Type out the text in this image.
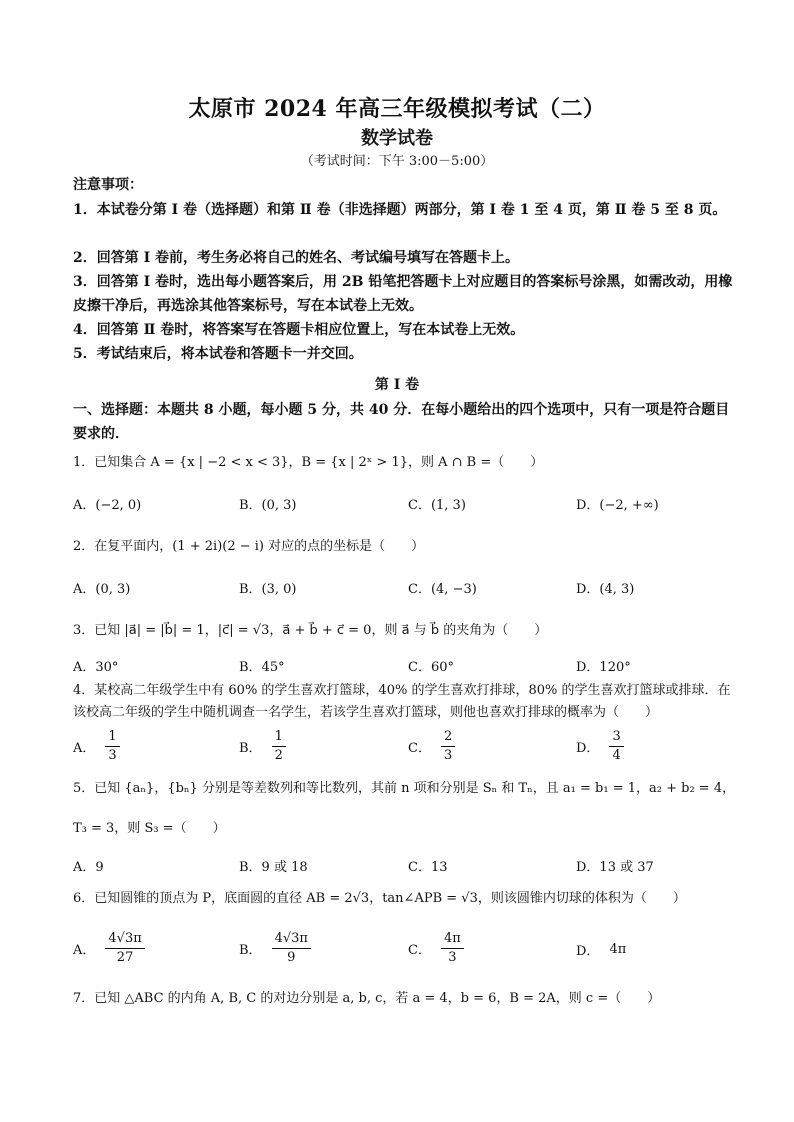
太原市 2024 年高三年级模拟考试（二）
数学试卷
（考试时间：下午 3:00－5:00）
注意事项：
1．本试卷分第 Ⅰ 卷（选择题）和第 Ⅱ 卷（非选择题）两部分，第 Ⅰ 卷 1 至 4 页，第 Ⅱ 卷 5 至 8 页。
2．回答第 Ⅰ 卷前，考生务必将自己的姓名、考试编号填写在答题卡上。
3．回答第 Ⅰ 卷时，选出每小题答案后，用 2B 铅笔把答题卡上对应题目的答案标号涂黑，如需改动，用橡皮擦干净后，再选涂其他答案标号，写在本试卷上无效。
4．回答第 Ⅱ 卷时，将答案写在答题卡相应位置上，写在本试卷上无效。
5．考试结束后，将本试卷和答题卡一并交回。
第 Ⅰ 卷
一、选择题：本题共 8 小题，每小题 5 分，共 40 分．在每小题给出的四个选项中，只有一项是符合题目要求的．
1．已知集合 A = {x | −2 < x < 3}，B = {x | 2ˣ > 1}，则 A ∩ B =（　　）
A．(−2, 0)	B．(0, 3)	C．(1, 3)	D．(−2, +∞)
2．在复平面内，(1 + 2i)(2 − i) 对应的点的坐标是（　　）
A．(0, 3)	B．(3, 0)	C．(4, −3)	D．(4, 3)
3．已知 |a⃗| = |b⃗| = 1，|c⃗| = √3，a⃗ + b⃗ + c⃗ = 0，则 a⃗ 与 b⃗ 的夹角为（　　）
A．30°	B．45°	C．60°	D．120°
4．某校高二年级学生中有 60% 的学生喜欢打篮球，40% 的学生喜欢打排球，80% 的学生喜欢打篮球或排球．在该校高二年级的学生中随机调查一名学生，若该学生喜欢打篮球，则他也喜欢打排球的概率为（　　）
A． $\frac{1}{3}$	B． $\frac{1}{2}$	C． $\frac{2}{3}$	D． $\frac{3}{4}$
5．已知 {aₙ}，{bₙ} 分别是等差数列和等比数列，其前 n 项和分别是 Sₙ 和 Tₙ，且 a₁ = b₁ = 1，a₂ + b₂ = 4，
T₃ = 3，则 S₃ =（　　）
A．9	B．9 或 18	C．13	D．13 或 37
6．已知圆锥的顶点为 P，底面圆的直径 AB = 2√3，tan∠APB = √3，则该圆锥内切球的体积为（　　）
A． $\frac{4√3\pi}{27}$	B． $\frac{4√3\pi}{9}$	C． $\frac{4\pi}{3}$	D． 4π
7．已知 △ABC 的内角 A, B, C 的对边分别是 a, b, c，若 a = 4，b = 6，B = 2A，则 c =（　　）
